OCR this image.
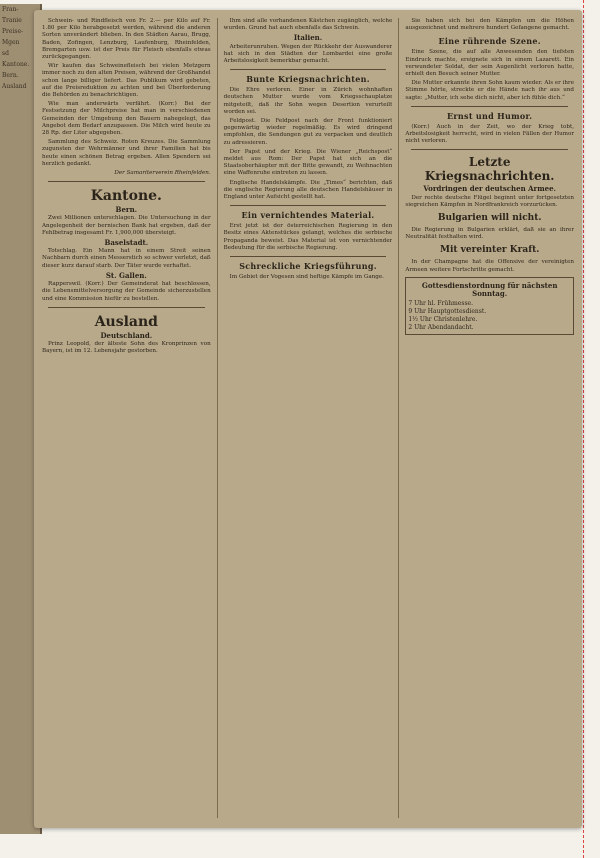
Fran-
Tranie
Preise-
Mgen
sd
Kantone.
Bern.
Ausland

Schwein- und Rindfleisch von Fr. 2.— per Kilo auf Fr. 1.80 per Kilo herabgesetzt werden, während die anderen Sorten unverändert blieben. In den Städten Aarau, Brugg, Baden, Zofingen, Lenzburg, Laufenburg, Rheinfelden, Bremgarten usw. ist der Preis für Fleisch ebenfalls etwas zurückgegangen.

Wir kaufen das Schweinefleisch bei vielen Metzgern immer noch zu den alten Preisen, während der Großhandel schon lange billiger liefert. Das Publikum wird gebeten, auf die Preisreduktion zu achten und bei Überforderung die Behörden zu benachrichtigen.

Wie man anderwärts verfährt. (Korr.) Bei der Festsetzung der Milchpreise hat man in verschiedenen Gemeinden der Umgebung den Bauern nahegelegt, das Angebot dem Bedarf anzupassen. Die Milch wird heute zu 28 Rp. der Liter abgegeben.

Sammlung des Schweiz. Roten Kreuzes. Die Sammlung zugunsten der Wehrmänner und ihrer Familien hat bis heute einen schönen Betrag ergeben. Allen Spendern sei herzlich gedankt.

Der Samariterverein Rheinfelden.
Kantone.
Bern.

Zwei Millionen unterschlagen. Die Untersuchung in der Angelegenheit der bernischen Bank hat ergeben, daß der Fehlbetrag insgesamt Fr. 1,900,000 übersteigt.

Baselstadt.

Totschlag. Ein Mann hat in einem Streit seinen Nachbarn durch einen Messerstich so schwer verletzt, daß dieser kurz darauf starb. Der Täter wurde verhaftet.

St. Gallen.

Rapperswil. (Korr.) Der Gemeinderat hat beschlossen, die Lebensmittelversorgung der Gemeinde sicherzustellen und eine Kommission hiefür zu bestellen.

Ausland
Deutschland.

Prinz Leopold, der älteste Sohn des Kronprinzen von Bayern, ist im 12. Lebensjahr gestorben.

Ihm sind alle vorhandenen Kästchen zugänglich, welche wurden. Grund hat auch ebenfalls das Schwein.

Italien.

Arbeiterunruhen. Wegen der Rückkehr der Auswanderer hat sich in den Städten der Lombardei eine große Arbeitslosigkeit bemerkbar gemacht.

Bunte Kriegsnachrichten.

Die Ehre verloren. Einer in Zürich wohnhaften deutschen Mutter wurde vom Kriegsschauplatze mitgeteilt, daß ihr Sohn wegen Desertion verurteilt worden sei.

Feldpost. Die Feldpost nach der Front funktioniert gegenwärtig wieder regelmäßig. Es wird dringend empfohlen, die Sendungen gut zu verpacken und deutlich zu adressieren.

Der Papst und der Krieg. Die Wiener „Reichspost“ meldet aus Rom: Der Papst hat sich an die Staatsoberhäupter mit der Bitte gewandt, zu Weihnachten eine Waffenruhe eintreten zu lassen.

Englische Handelskämpfe. Die „Times“ berichten, daß die englische Regierung alle deutschen Handelshäuser in England unter Aufsicht gestellt hat.

Ein vernichtendes Material.

Erst jetzt ist der österreichischen Regierung in den Besitz eines Aktenstückes gelangt, welches die serbische Propaganda beweist. Das Material ist von vernichtender Bedeutung für die serbische Regierung.

Schreckliche Kriegsführung.

Im Gebiet der Vogesen sind heftige Kämpfe im Gange.

Sie haben sich bei den Kämpfen um die Höhen ausgezeichnet und mehrere hundert Gefangene gemacht.

Eine rührende Szene.

Eine Szene, die auf alle Anwesenden den tiefsten Eindruck machte, ereignete sich in einem Lazarett. Ein verwundeter Soldat, der sein Augenlicht verloren hatte, erhielt den Besuch seiner Mutter.

Die Mutter erkannte ihren Sohn kaum wieder. Als er ihre Stimme hörte, streckte er die Hände nach ihr aus und sagte: „Mutter, ich sehe dich nicht, aber ich fühle dich.“

Ernst und Humor.

(Korr.) Auch in der Zeit, wo der Krieg tobt, Arbeitslosigkeit herrscht, wird in vielen Fällen der Humor nicht verloren.

Letzte Kriegsnachrichten.
Vordringen der deutschen Armee.

Der rechte deutsche Flügel beginnt unter fortgesetzten siegreichen Kämpfen in Nordfrankreich vorzurücken.

Bulgarien will nicht.

Die Regierung in Bulgarien erklärt, daß sie an ihrer Neutralität festhalten wird.

Mit vereinter Kraft.

In der Champagne hat die Offensive der vereinigten Armeen weitere Fortschritte gemacht.

Gottesdienstordnung für nächsten Sonntag.
7 Uhr hl. Frühmesse.
9 Uhr Hauptgottesdienst.
1½ Uhr Christenlehre.
2 Uhr Abendandacht.
